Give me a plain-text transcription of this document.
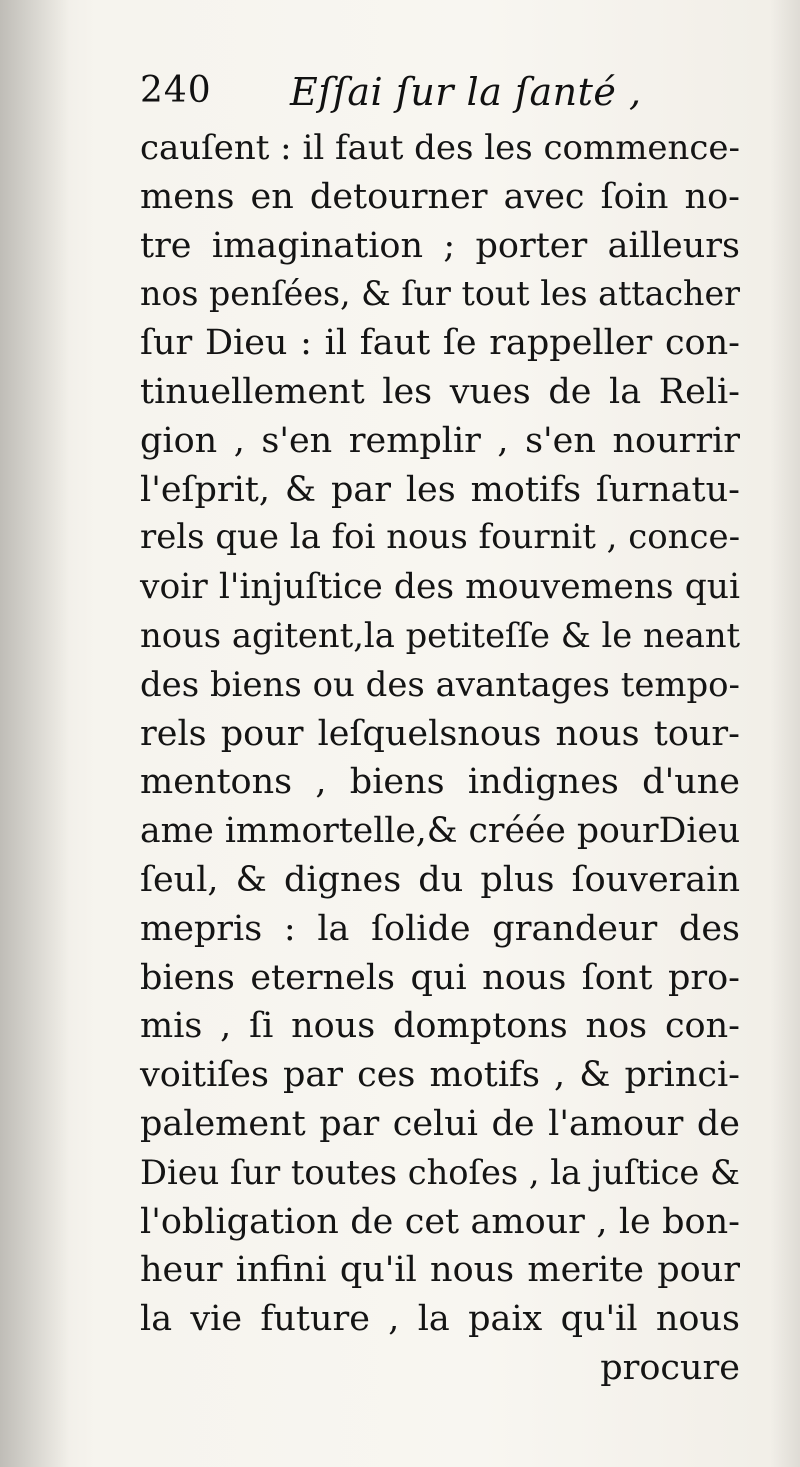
240 Eſſai ſur la ſanté ,
cauſent : il faut des les commence-
mens en detourner avec ſoin no-
tre imagination ; porter ailleurs
nos penſées, & ſur tout les attacher
ſur Dieu : il faut ſe rappeller con-
tinuellement les vues de la Reli-
gion , s'en remplir , s'en nourrir
l'eſprit, & par les motifs ſurnatu-
rels que la foi nous fournit , conce-
voir l'injuſtice des mouvemens qui
nous agitent,la petiteſſe & le neant
des biens ou des avantages tempo-
rels pour leſquelsnous nous tour-
mentons , biens indignes d'une
ame immortelle,& créée pourDieu
ſeul, & dignes du plus ſouverain
mepris : la ſolide grandeur des
biens eternels qui nous ſont pro-
mis , ſi nous domptons nos con-
voitiſes par ces motifs , & princi-
palement par celui de l'amour de
Dieu ſur toutes choſes , la juſtice &
l'obligation de cet amour , le bon-
heur infini qu'il nous merite pour
la vie future , la paix qu'il nous
procure
